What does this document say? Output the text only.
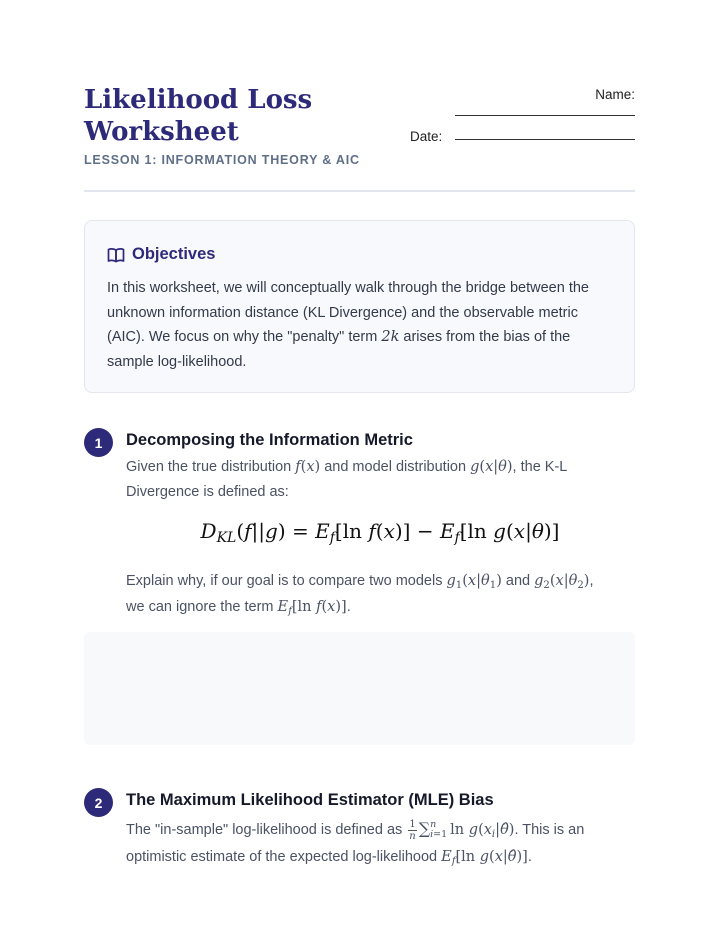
Likelihood Loss Worksheet
LESSON 1: INFORMATION THEORY & AIC
Name:
Date:
Objectives

In this worksheet, we will conceptually walk through the bridge between the unknown information distance (KL Divergence) and the observable metric (AIC). We focus on why the "penalty" term 2k arises from the bias of the sample log-likelihood.

1	Decomposing the Information Metric

Given the true distribution f(x) and model distribution g(x|θ), the K-L Divergence is defined as:

$D_{KL}(f||g) = E_f[\ln$ $f(x)] - E_f[\ln$ g(x|θ)]

Explain why, if our goal is to compare two models $g_1(x|\theta_1)$ and $g_2(x|\theta_2)$,
we can ignore the term $E_f[\ln$ f(x)].

2	The Maximum Likelihood Estimator (MLE) Bias

The "in-sample" log-likelihood is defined as $\frac{1}{n}$ ∑ n
i=1 $\ln g(x_i|\thetâ)$. This is an optimistic estimate of the expected log-likelihood $E_f[\ln$ g(x|θ̂)].
